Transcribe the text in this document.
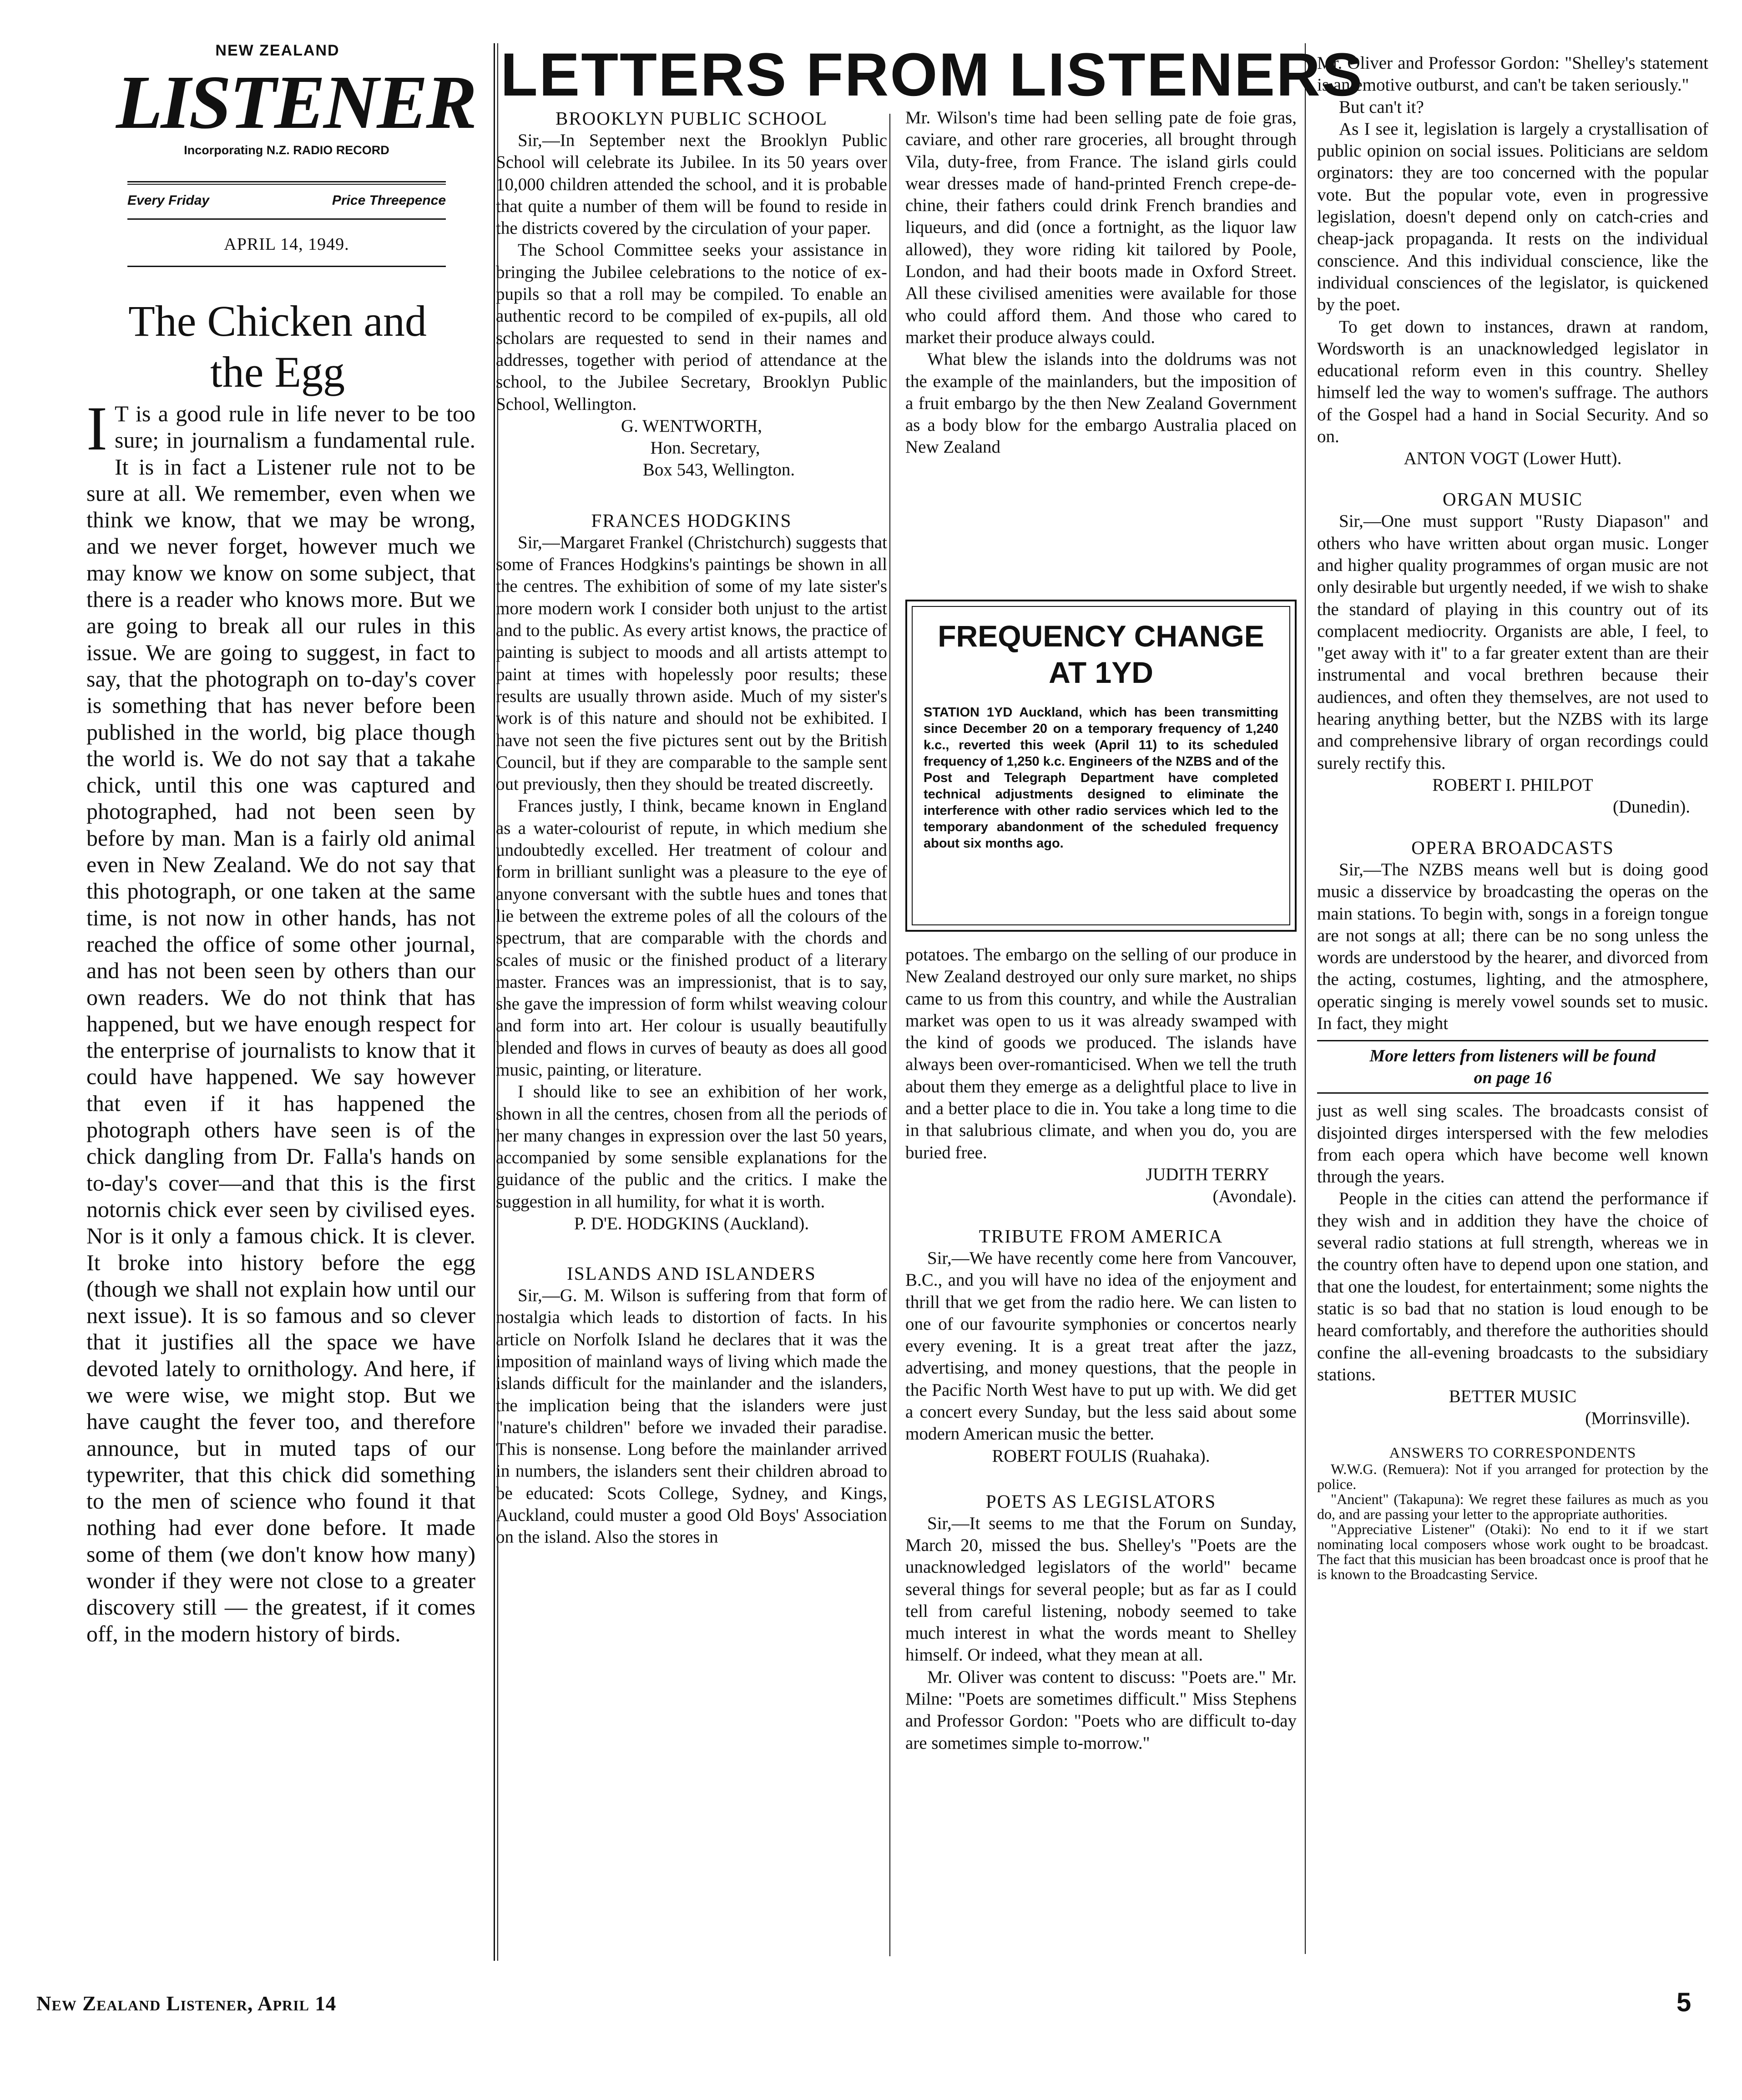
NEW ZEALAND
LISTENER
Incorporating N.Z. RADIO RECORD
Every Friday	Price Threepence
APRIL 14, 1949.
The Chicken and
the Egg

I T is a good rule in life never to be too sure; in journalism a fundamental rule. It is in fact a Listener rule not to be sure at all. We remember, even when we think we know, that we may be wrong, and we never forget, however much we may know we know on some subject, that there is a reader who knows more. But we are going to break all our rules in this issue. We are going to suggest, in fact to say, that the photograph on to-day's cover is something that has never before been published in the world, big place though the world is. We do not say that a takahe chick, until this one was captured and photographed, had not been seen by before by man. Man is a fairly old animal even in New Zealand. We do not say that this photograph, or one taken at the same time, is not now in other hands, has not reached the office of some other journal, and has not been seen by others than our own readers. We do not think that has happened, but we have enough respect for the enterprise of journalists to know that it could have happened. We say however that even if it has happened the photograph others have seen is of the chick dangling from Dr. Falla's hands on to-day's cover—and that this is the first notornis chick ever seen by civilised eyes. Nor is it only a famous chick. It is clever. It broke into history before the egg (though we shall not explain how until our next issue). It is so famous and so clever that it justifies all the space we have devoted lately to ornithology. And here, if we were wise, we might stop. But we have caught the fever too, and therefore announce, but in muted taps of our typewriter, that this chick did something to the men of science who found it that nothing had ever done before. It made some of them (we don't know how many) wonder if they were not close to a greater discovery still — the greatest, if it comes off, in the modern history of birds.

LETTERS FROM LISTENERS
BROOKLYN PUBLIC SCHOOL

Sir,—In September next the Brooklyn Public School will celebrate its Jubilee. In its 50 years over 10,000 children attended the school, and it is probable that quite a number of them will be found to reside in the districts covered by the circulation of your paper.

The School Committee seeks your assistance in bringing the Jubilee celebrations to the notice of ex-pupils so that a roll may be compiled. To enable an authentic record to be compiled of ex-pupils, all old scholars are requested to send in their names and addresses, together with period of attendance at the school, to the Jubilee Secretary, Brooklyn Public School, Wellington.

G. WENTWORTH,
Hon. Secretary,
Box 543, Wellington.
FRANCES HODGKINS

Sir,—Margaret Frankel (Christchurch) suggests that some of Frances Hodgkins's paintings be shown in all the centres. The exhibition of some of my late sister's more modern work I consider both unjust to the artist and to the public. As every artist knows, the practice of painting is subject to moods and all artists attempt to paint at times with hopelessly poor results; these results are usually thrown aside. Much of my sister's work is of this nature and should not be exhibited. I have not seen the five pictures sent out by the British Council, but if they are comparable to the sample sent out previously, then they should be treated discreetly.

Frances justly, I think, became known in England as a water-colourist of repute, in which medium she undoubtedly excelled. Her treatment of colour and form in brilliant sunlight was a pleasure to the eye of anyone conversant with the subtle hues and tones that lie between the extreme poles of all the colours of the spectrum, that are comparable with the chords and scales of music or the finished product of a literary master. Frances was an impressionist, that is to say, she gave the impression of form whilst weaving colour and form into art. Her colour is usually beautifully blended and flows in curves of beauty as does all good music, painting, or literature.

I should like to see an exhibition of her work, shown in all the centres, chosen from all the periods of her many changes in expression over the last 50 years, accompanied by some sensible explanations for the guidance of the public and the critics. I make the suggestion in all humility, for what it is worth.

P. D'E. HODGKINS (Auckland).
ISLANDS AND ISLANDERS

Sir,—G. M. Wilson is suffering from that form of nostalgia which leads to distortion of facts. In his article on Norfolk Island he declares that it was the imposition of mainland ways of living which made the islands difficult for the mainlander and the islanders, the implication being that the islanders were just "nature's children" before we invaded their paradise. This is nonsense. Long before the mainlander arrived in numbers, the islanders sent their children abroad to be educated: Scots College, Sydney, and Kings, Auckland, could muster a good Old Boys' Association on the island. Also the stores in

Mr. Wilson's time had been selling pate de foie gras, caviare, and other rare groceries, all brought through Vila, duty-free, from France. The island girls could wear dresses made of hand-printed French crepe-de-chine, their fathers could drink French brandies and liqueurs, and did (once a fortnight, as the liquor law allowed), they wore riding kit tailored by Poole, London, and had their boots made in Oxford Street. All these civilised amenities were available for those who could afford them. And those who cared to market their produce always could.

What blew the islands into the doldrums was not the example of the mainlanders, but the imposition of a fruit embargo by the then New Zealand Government as a body blow for the embargo Australia placed on New Zealand

FREQUENCY CHANGE
AT 1YD
STATION 1YD Auckland, which has been transmitting since December 20 on a temporary frequency of 1,240 k.c., reverted this week (April 11) to its scheduled frequency of 1,250 k.c. Engineers of the NZBS and of the Post and Telegraph Department have completed technical adjustments designed to eliminate the interference with other radio services which led to the temporary abandonment of the scheduled frequency about six months ago.

potatoes. The embargo on the selling of our produce in New Zealand destroyed our only sure market, no ships came to us from this country, and while the Australian market was open to us it was already swamped with the kind of goods we produced. The islands have always been over-romanticised. When we tell the truth about them they emerge as a delightful place to live in and a better place to die in. You take a long time to die in that salubrious climate, and when you do, you are buried free.

JUDITH TERRY
(Avondale).
TRIBUTE FROM AMERICA

Sir,—We have recently come here from Vancouver, B.C., and you will have no idea of the enjoyment and thrill that we get from the radio here. We can listen to one of our favourite symphonies or concertos nearly every evening. It is a great treat after the jazz, advertising, and money questions, that the people in the Pacific North West have to put up with. We did get a concert every Sunday, but the less said about some modern American music the better.

ROBERT FOULIS (Ruahaka).
POETS AS LEGISLATORS

Sir,—It seems to me that the Forum on Sunday, March 20, missed the bus. Shelley's "Poets are the unacknowledged legislators of the world" became several things for several people; but as far as I could tell from careful listening, nobody seemed to take much interest in what the words meant to Shelley himself. Or indeed, what they mean at all.

Mr. Oliver was content to discuss: "Poets are." Mr. Milne: "Poets are sometimes difficult." Miss Stephens and Professor Gordon: "Poets who are difficult to-day are sometimes simple to-morrow."

Mr. Oliver and Professor Gordon: "Shelley's statement is an emotive outburst, and can't be taken seriously."

But can't it?

As I see it, legislation is largely a crystallisation of public opinion on social issues. Politicians are seldom orginators: they are too concerned with the popular vote. But the popular vote, even in progressive legislation, doesn't depend only on catch-cries and cheap-jack propaganda. It rests on the individual conscience. And this individual conscience, like the individual consciences of the legislator, is quickened by the poet.

To get down to instances, drawn at random, Wordsworth is an unacknowledged legislator in educational reform even in this country. Shelley himself led the way to women's suffrage. The authors of the Gospel had a hand in Social Security. And so on.

ANTON VOGT (Lower Hutt).
ORGAN MUSIC

Sir,—One must support "Rusty Diapason" and others who have written about organ music. Longer and higher quality programmes of organ music are not only desirable but urgently needed, if we wish to shake the standard of playing in this country out of its complacent mediocrity. Organists are able, I feel, to "get away with it" to a far greater extent than are their instrumental and vocal brethren because their audiences, and often they themselves, are not used to hearing anything better, but the NZBS with its large and comprehensive library of organ recordings could surely rectify this.

ROBERT I. PHILPOT
(Dunedin).
OPERA BROADCASTS

Sir,—The NZBS means well but is doing good music a disservice by broadcasting the operas on the main stations. To begin with, songs in a foreign tongue are not songs at all; there can be no song unless the words are understood by the hearer, and divorced from the acting, costumes, lighting, and the atmosphere, operatic singing is merely vowel sounds set to music. In fact, they might

More letters from listeners will be found
on page 16

just as well sing scales. The broadcasts consist of disjointed dirges interspersed with the few melodies from each opera which have become well known through the years.

People in the cities can attend the performance if they wish and in addition they have the choice of several radio stations at full strength, whereas we in the country often have to depend upon one station, and that one the loudest, for entertainment; some nights the static is so bad that no station is loud enough to be heard comfortably, and therefore the authorities should confine the all-evening broadcasts to the subsidiary stations.

BETTER MUSIC
(Morrinsville).
ANSWERS TO CORRESPONDENTS

W.W.G. (Remuera): Not if you arranged for protection by the police.

"Ancient" (Takapuna): We regret these failures as much as you do, and are passing your letter to the appropriate authorities.

"Appreciative Listener" (Otaki): No end to it if we start nominating local composers whose work ought to be broadcast. The fact that this musician has been broadcast once is proof that he is known to the Broadcasting Service.

New Zealand Listener, April 14	5
